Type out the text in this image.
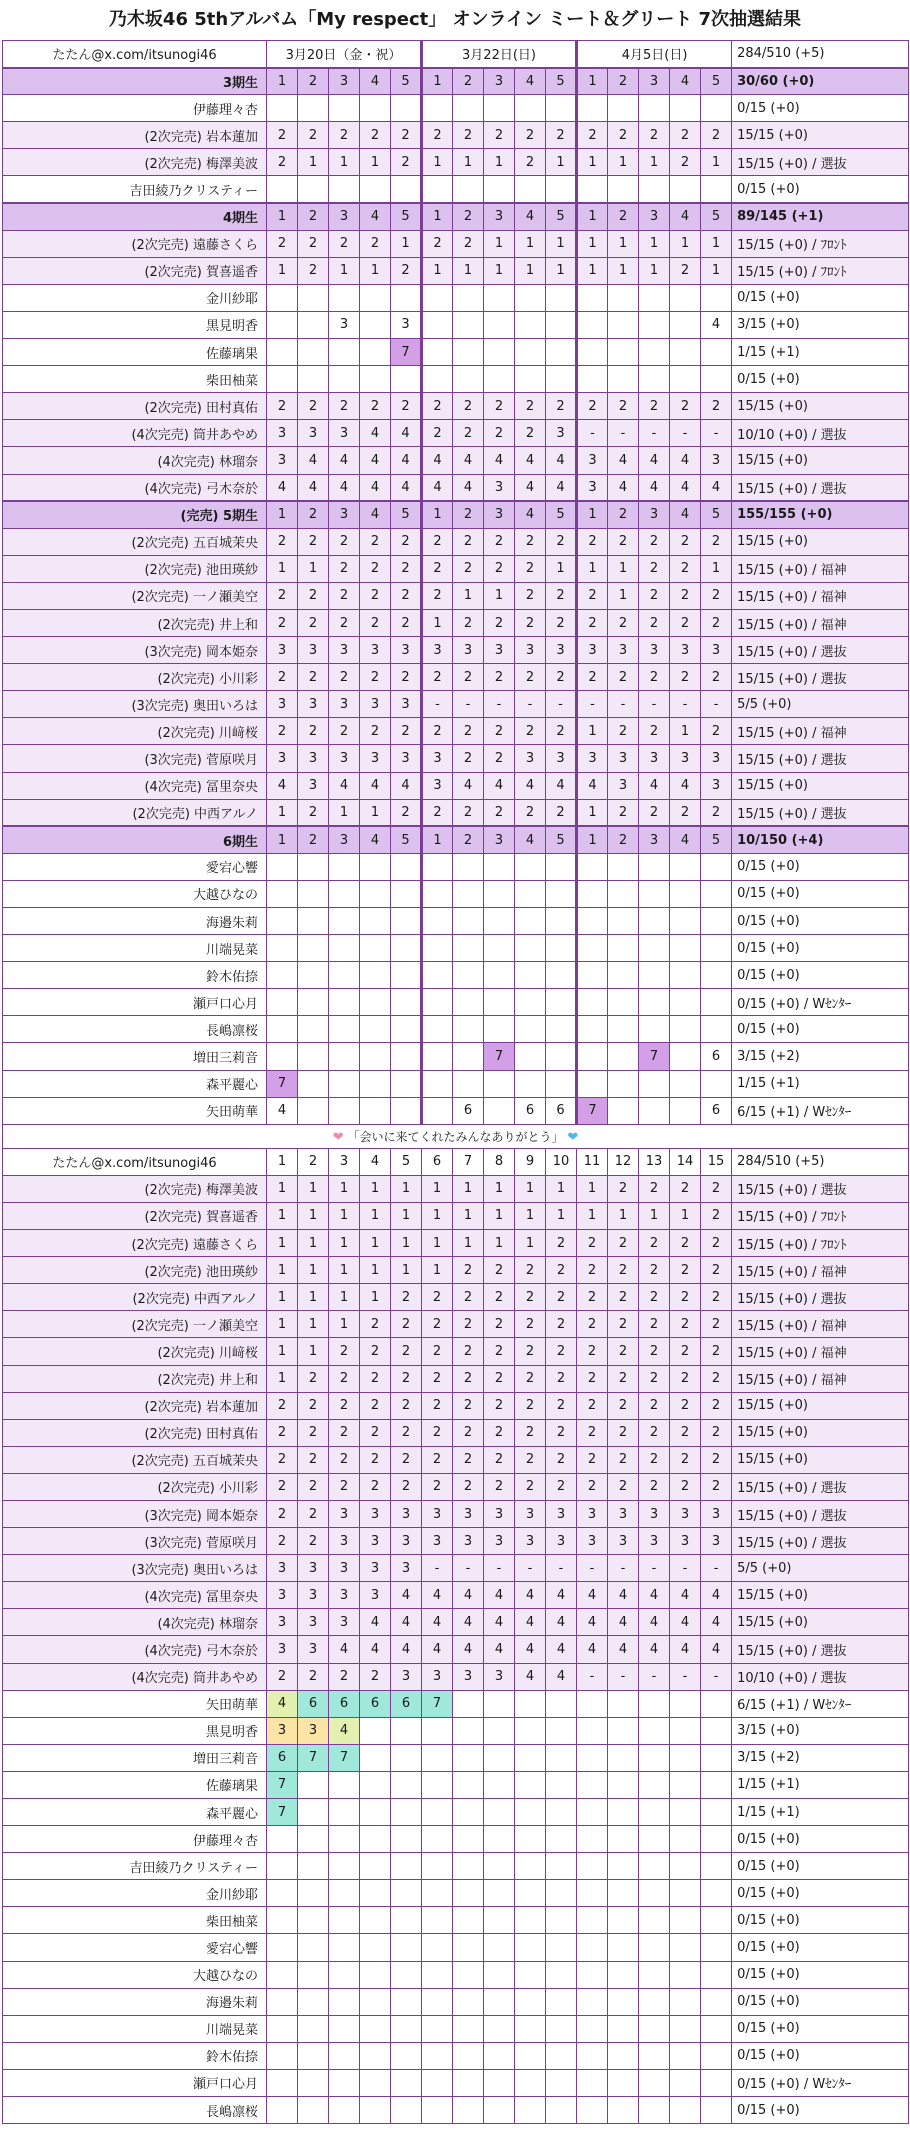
乃木坂46 5thアルバム「My respect」 オンライン ミート＆グリート 7次抽選結果
たたん@x.com/itsunogi46	3月20日（金・祝）					3月22日(日)					4月5日(日)					284/510 (+5)
3期生	1	2	3	4	5	1	2	3	4	5	1	2	3	4	5	30/60 (+0)
伊藤理々杏																0/15 (+0)
(2次完売) 岩本蓮加	2	2	2	2	2	2	2	2	2	2	2	2	2	2	2	15/15 (+0)
(2次完売) 梅澤美波	2	1	1	1	2	1	1	1	2	1	1	1	1	2	1	15/15 (+0) / 選抜
吉田綾乃クリスティー																0/15 (+0)
4期生	1	2	3	4	5	1	2	3	4	5	1	2	3	4	5	89/145 (+1)
(2次完売) 遠藤さくら	2	2	2	2	1	2	2	1	1	1	1	1	1	1	1	15/15 (+0) / ﾌﾛﾝﾄ
(2次完売) 賀喜遥香	1	2	1	1	2	1	1	1	1	1	1	1	1	2	1	15/15 (+0) / ﾌﾛﾝﾄ
金川紗耶																0/15 (+0)
黒見明香			3		3										4	3/15 (+0)
佐藤璃果					7											1/15 (+1)
柴田柚菜																0/15 (+0)
(2次完売) 田村真佑	2	2	2	2	2	2	2	2	2	2	2	2	2	2	2	15/15 (+0)
(4次完売) 筒井あやめ	3	3	3	4	4	2	2	2	2	3	-	-	-	-	-	10/10 (+0) / 選抜
(4次完売) 林瑠奈	3	4	4	4	4	4	4	4	4	4	3	4	4	4	3	15/15 (+0)
(4次完売) 弓木奈於	4	4	4	4	4	4	4	3	4	4	3	4	4	4	4	15/15 (+0) / 選抜
(完売) 5期生	1	2	3	4	5	1	2	3	4	5	1	2	3	4	5	155/155 (+0)
(2次完売) 五百城茉央	2	2	2	2	2	2	2	2	2	2	2	2	2	2	2	15/15 (+0)
(2次完売) 池田瑛紗	1	1	2	2	2	2	2	2	2	1	1	1	2	2	1	15/15 (+0) / 福神
(2次完売) 一ノ瀬美空	2	2	2	2	2	2	1	1	2	2	2	1	2	2	2	15/15 (+0) / 福神
(2次完売) 井上和	2	2	2	2	2	1	2	2	2	2	2	2	2	2	2	15/15 (+0) / 福神
(3次完売) 岡本姫奈	3	3	3	3	3	3	3	3	3	3	3	3	3	3	3	15/15 (+0) / 選抜
(2次完売) 小川彩	2	2	2	2	2	2	2	2	2	2	2	2	2	2	2	15/15 (+0) / 選抜
(3次完売) 奥田いろは	3	3	3	3	3	-	-	-	-	-	-	-	-	-	-	5/5 (+0)
(2次完売) 川﨑桜	2	2	2	2	2	2	2	2	2	2	1	2	2	1	2	15/15 (+0) / 福神
(3次完売) 菅原咲月	3	3	3	3	3	3	2	2	3	3	3	3	3	3	3	15/15 (+0) / 選抜
(4次完売) 冨里奈央	4	3	4	4	4	3	4	4	4	4	4	3	4	4	3	15/15 (+0)
(2次完売) 中西アルノ	1	2	1	1	2	2	2	2	2	2	1	2	2	2	2	15/15 (+0) / 選抜
6期生	1	2	3	4	5	1	2	3	4	5	1	2	3	4	5	10/150 (+4)
愛宕心響																0/15 (+0)
大越ひなの																0/15 (+0)
海邉朱莉																0/15 (+0)
川端晃菜																0/15 (+0)
鈴木佑捺																0/15 (+0)
瀬戸口心月																0/15 (+0) / Wｾﾝﾀｰ
長嶋凛桜																0/15 (+0)
増田三莉音								7					7		6	3/15 (+2)
森平麗心	7															1/15 (+1)
矢田萌華	4						6		6	6	7				6	6/15 (+1) / Wｾﾝﾀｰ
❤ 「会いに来てくれたみんなありがとう」 ❤																
たたん@x.com/itsunogi46	1	2	3	4	5	6	7	8	9	10	11	12	13	14	15	284/510 (+5)
(2次完売) 梅澤美波	1	1	1	1	1	1	1	1	1	1	1	2	2	2	2	15/15 (+0) / 選抜
(2次完売) 賀喜遥香	1	1	1	1	1	1	1	1	1	1	1	1	1	1	2	15/15 (+0) / ﾌﾛﾝﾄ
(2次完売) 遠藤さくら	1	1	1	1	1	1	1	1	1	2	2	2	2	2	2	15/15 (+0) / ﾌﾛﾝﾄ
(2次完売) 池田瑛紗	1	1	1	1	1	1	2	2	2	2	2	2	2	2	2	15/15 (+0) / 福神
(2次完売) 中西アルノ	1	1	1	1	2	2	2	2	2	2	2	2	2	2	2	15/15 (+0) / 選抜
(2次完売) 一ノ瀬美空	1	1	1	2	2	2	2	2	2	2	2	2	2	2	2	15/15 (+0) / 福神
(2次完売) 川﨑桜	1	1	2	2	2	2	2	2	2	2	2	2	2	2	2	15/15 (+0) / 福神
(2次完売) 井上和	1	2	2	2	2	2	2	2	2	2	2	2	2	2	2	15/15 (+0) / 福神
(2次完売) 岩本蓮加	2	2	2	2	2	2	2	2	2	2	2	2	2	2	2	15/15 (+0)
(2次完売) 田村真佑	2	2	2	2	2	2	2	2	2	2	2	2	2	2	2	15/15 (+0)
(2次完売) 五百城茉央	2	2	2	2	2	2	2	2	2	2	2	2	2	2	2	15/15 (+0)
(2次完売) 小川彩	2	2	2	2	2	2	2	2	2	2	2	2	2	2	2	15/15 (+0) / 選抜
(3次完売) 岡本姫奈	2	2	3	3	3	3	3	3	3	3	3	3	3	3	3	15/15 (+0) / 選抜
(3次完売) 菅原咲月	2	2	3	3	3	3	3	3	3	3	3	3	3	3	3	15/15 (+0) / 選抜
(3次完売) 奥田いろは	3	3	3	3	3	-	-	-	-	-	-	-	-	-	-	5/5 (+0)
(4次完売) 冨里奈央	3	3	3	3	4	4	4	4	4	4	4	4	4	4	4	15/15 (+0)
(4次完売) 林瑠奈	3	3	3	4	4	4	4	4	4	4	4	4	4	4	4	15/15 (+0)
(4次完売) 弓木奈於	3	3	4	4	4	4	4	4	4	4	4	4	4	4	4	15/15 (+0) / 選抜
(4次完売) 筒井あやめ	2	2	2	2	3	3	3	3	4	4	-	-	-	-	-	10/10 (+0) / 選抜
矢田萌華	4	6	6	6	6	7										6/15 (+1) / Wｾﾝﾀｰ
黒見明香	3	3	4													3/15 (+0)
増田三莉音	6	7	7													3/15 (+2)
佐藤璃果	7															1/15 (+1)
森平麗心	7															1/15 (+1)
伊藤理々杏																0/15 (+0)
吉田綾乃クリスティー																0/15 (+0)
金川紗耶																0/15 (+0)
柴田柚菜																0/15 (+0)
愛宕心響																0/15 (+0)
大越ひなの																0/15 (+0)
海邉朱莉																0/15 (+0)
川端晃菜																0/15 (+0)
鈴木佑捺																0/15 (+0)
瀬戸口心月																0/15 (+0) / Wｾﾝﾀｰ
長嶋凛桜																0/15 (+0)
